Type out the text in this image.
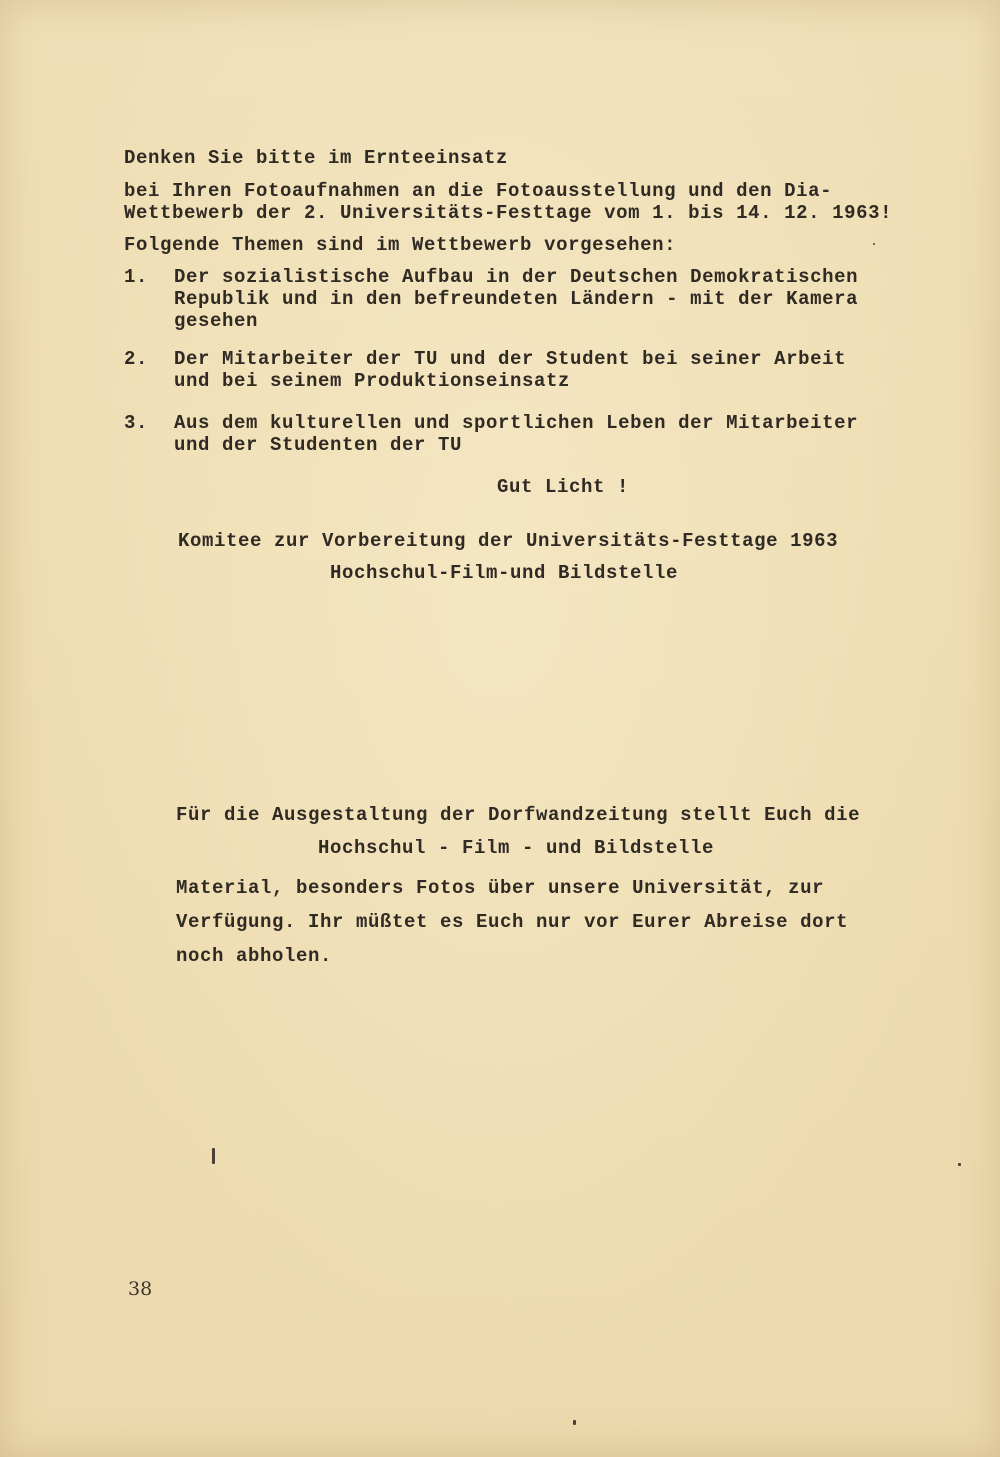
Denken Sie bitte im Ernteeinsatz
bei Ihren Fotoaufnahmen an die Fotoausstellung und den Dia-
Wettbewerb der 2. Universitäts-Festtage vom 1. bis 14. 12. 1963!
Folgende Themen sind im Wettbewerb vorgesehen:
1. Der sozialistische Aufbau in der Deutschen Demokratischen
Republik und in den befreundeten Ländern - mit der Kamera
gesehen
2. Der Mitarbeiter der TU und der Student bei seiner Arbeit
und bei seinem Produktionseinsatz
3. Aus dem kulturellen und sportlichen Leben der Mitarbeiter
und der Studenten der TU
Gut Licht !
Komitee zur Vorbereitung der Universitäts-Festtage 1963
Hochschul-Film-und Bildstelle
Für die Ausgestaltung der Dorfwandzeitung stellt Euch die
Hochschul - Film - und Bildstelle
Material, besonders Fotos über unsere Universität, zur
Verfügung. Ihr müßtet es Euch nur vor Eurer Abreise dort
noch abholen.
38
